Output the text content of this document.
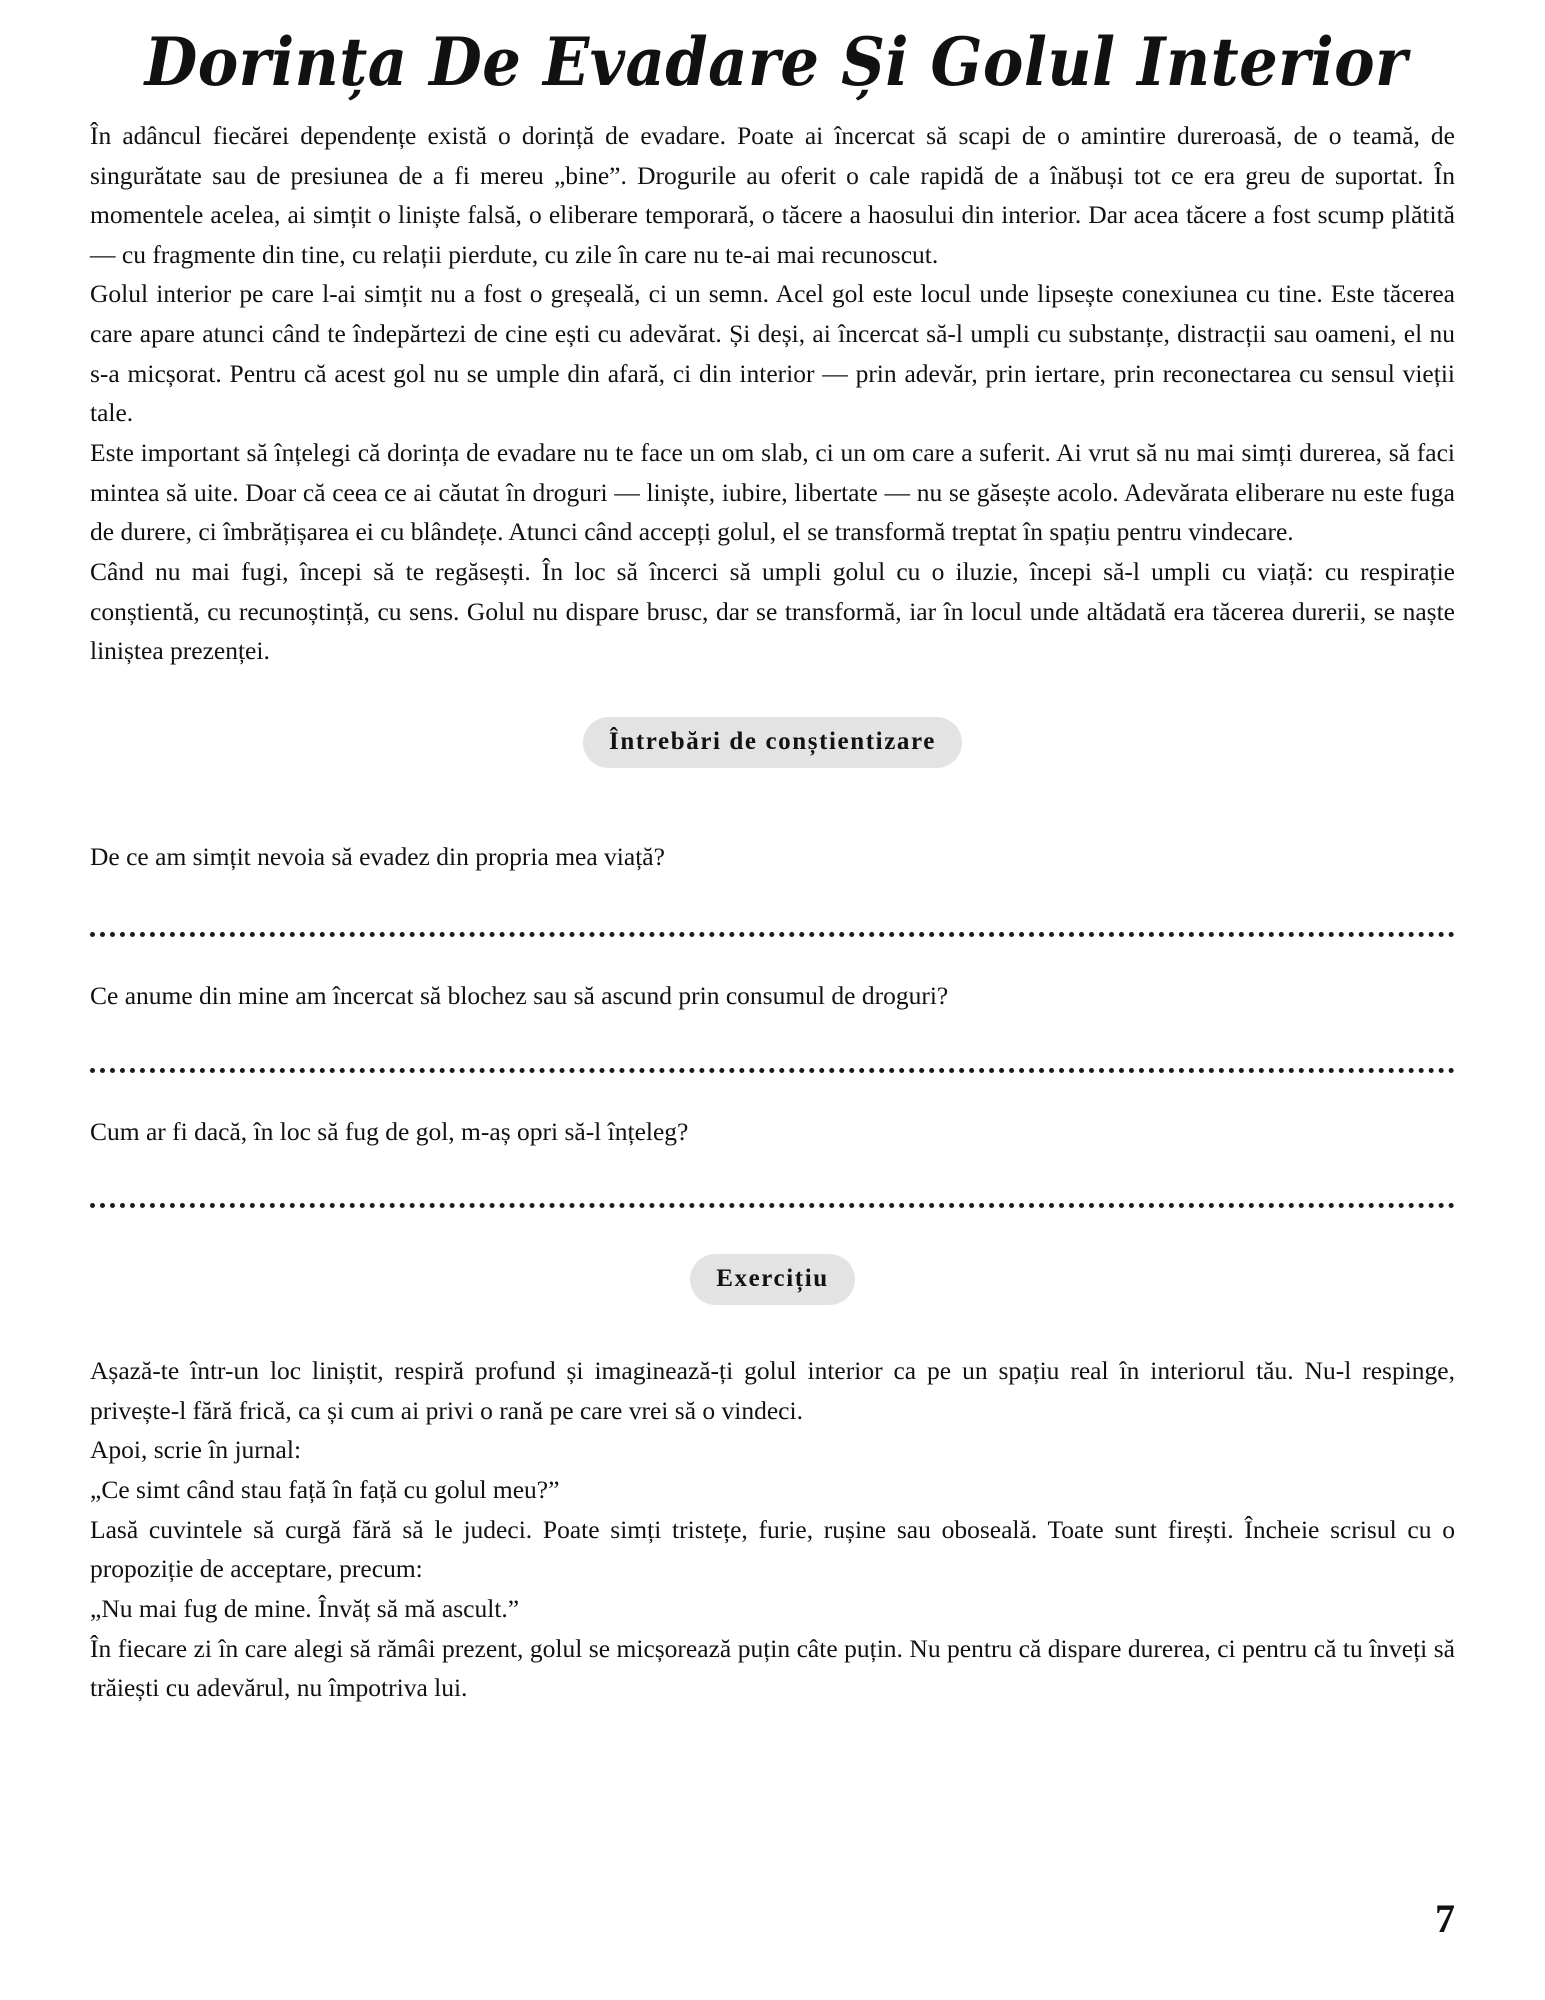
Dorința De Evadare Și Golul Interior

În adâncul fiecărei dependențe există o dorință de evadare. Poate ai încercat să scapi de o amintire dureroasă, de o teamă, de singurătate sau de presiunea de a fi mereu „bine”. Drogurile au oferit o cale rapidă de a înăbuși tot ce era greu de suportat. În momentele acelea, ai simțit o liniște falsă, o eliberare temporară, o tăcere a haosului din interior. Dar acea tăcere a fost scump plătită — cu fragmente din tine, cu relații pierdute, cu zile în care nu te-ai mai recunoscut.

Golul interior pe care l-ai simțit nu a fost o greșeală, ci un semn. Acel gol este locul unde lipsește conexiunea cu tine. Este tăcerea care apare atunci când te îndepărtezi de cine ești cu adevărat. Și deși, ai încercat să-l umpli cu substanțe, distracții sau oameni, el nu s-a micșorat. Pentru că acest gol nu se umple din afară, ci din interior — prin adevăr, prin iertare, prin reconectarea cu sensul vieții tale.

Este important să înțelegi că dorința de evadare nu te face un om slab, ci un om care a suferit. Ai vrut să nu mai simți durerea, să faci mintea să uite. Doar că ceea ce ai căutat în droguri — liniște, iubire, libertate — nu se găsește acolo. Adevărata eliberare nu este fuga de durere, ci îmbrățișarea ei cu blândețe. Atunci când accepți golul, el se transformă treptat în spațiu pentru vindecare.

Când nu mai fugi, începi să te regăsești. În loc să încerci să umpli golul cu o iluzie, începi să-l umpli cu viață: cu respirație conștientă, cu recunoștință, cu sens. Golul nu dispare brusc, dar se transformă, iar în locul unde altădată era tăcerea durerii, se naște liniștea prezenței.

Întrebări de conștientizare

De ce am simțit nevoia să evadez din propria mea viață?

Ce anume din mine am încercat să blochez sau să ascund prin consumul de droguri?

Cum ar fi dacă, în loc să fug de gol, m-aș opri să-l înțeleg?

Exercițiu

Așază-te într-un loc liniștit, respiră profund și imaginează-ți golul interior ca pe un spațiu real în interiorul tău. Nu-l respinge, privește-l fără frică, ca și cum ai privi o rană pe care vrei să o vindeci.

Apoi, scrie în jurnal:

„Ce simt când stau față în față cu golul meu?”

Lasă cuvintele să curgă fără să le judeci. Poate simți tristețe, furie, rușine sau oboseală. Toate sunt firești. Încheie scrisul cu o propoziție de acceptare, precum:

„Nu mai fug de mine. Învăț să mă ascult.”

În fiecare zi în care alegi să rămâi prezent, golul se micșorează puțin câte puțin. Nu pentru că dispare durerea, ci pentru că tu înveți să trăiești cu adevărul, nu împotriva lui.

7
